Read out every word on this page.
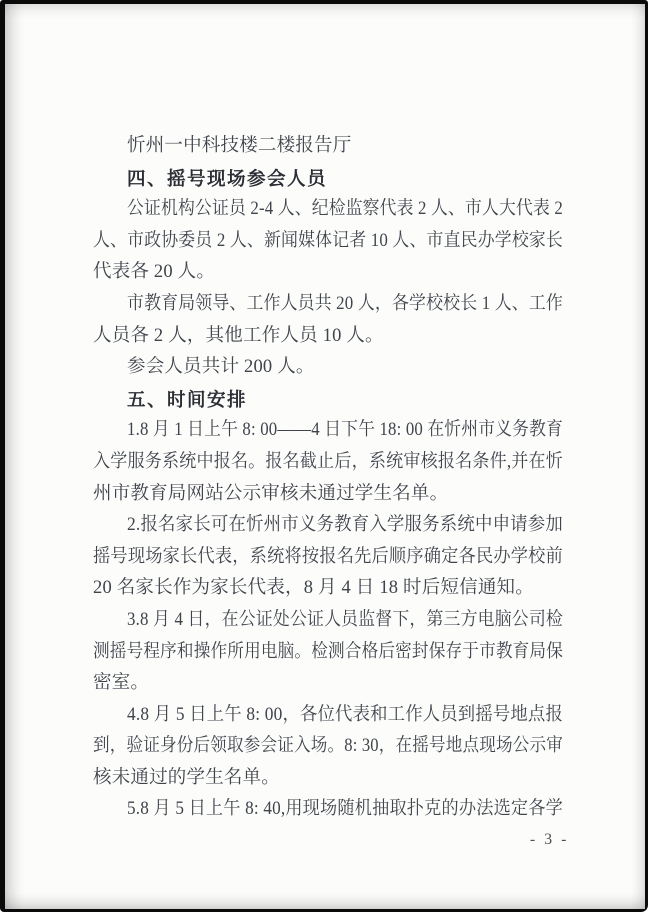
忻州一中科技楼二楼报告厅
四、摇号现场参会人员
公证机构公证员 2-4 人、纪检监察代表 2 人、市人大代表 2
人、市政协委员 2 人、新闻媒体记者 10 人、市直民办学校家长
代表各 20 人。
市教育局领导、工作人员共 20 人，各学校校长 1 人、工作
人员各 2 人，其他工作人员 10 人。
参会人员共计 200 人。
五、时间安排
1.8 月 1 日上午 8: 00——4 日下午 18: 00 在忻州市义务教育
入学服务系统中报名。报名截止后，系统审核报名条件,并在忻
州市教育局网站公示审核未通过学生名单。
2.报名家长可在忻州市义务教育入学服务系统中申请参加
摇号现场家长代表，系统将按报名先后顺序确定各民办学校前
20 名家长作为家长代表，8 月 4 日 18 时后短信通知。
3.8 月 4 日，在公证处公证人员监督下，第三方电脑公司检
测摇号程序和操作所用电脑。检测合格后密封保存于市教育局保
密室。
4.8 月 5 日上午 8: 00，各位代表和工作人员到摇号地点报
到，验证身份后领取参会证入场。8: 30，在摇号地点现场公示审
核未通过的学生名单。
5.8 月 5 日上午 8: 40,用现场随机抽取扑克的办法选定各学
- 3 -
